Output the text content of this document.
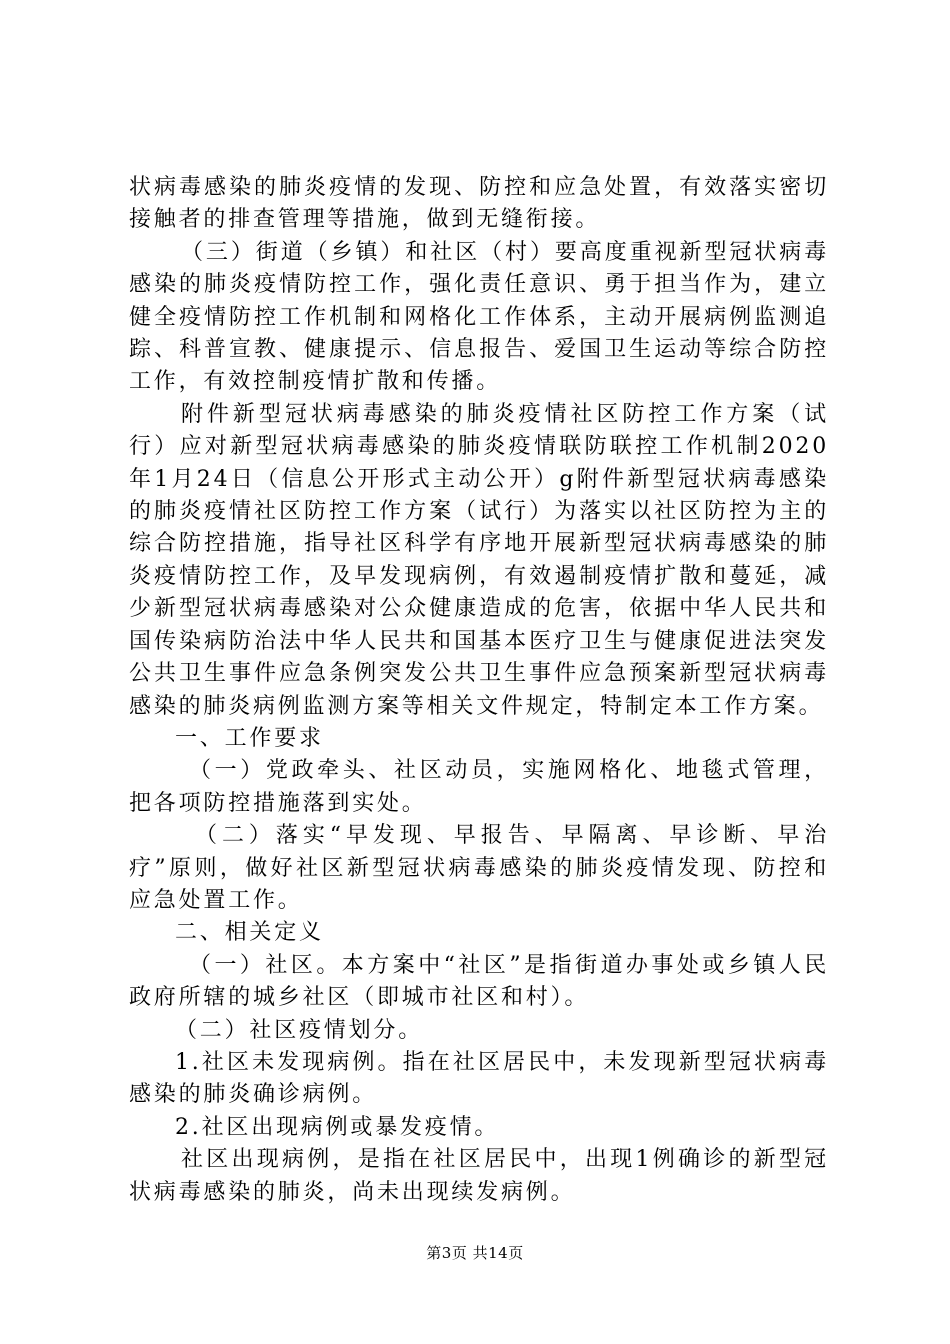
状病毒感染的肺炎疫情的发现、防控和应急处置，有效落实密切接触者的排查管理等措施，做到无缝衔接。

（三）街道（乡镇）和社区（村）要高度重视新型冠状病毒感染的肺炎疫情防控工作，强化责任意识、勇于担当作为，建立健全疫情防控工作机制和网格化工作体系，主动开展病例监测追踪、科普宣教、健康提示、信息报告、爱国卫生运动等综合防控工作，有效控制疫情扩散和传播。

附件新型冠状病毒感染的肺炎疫情社区防控工作方案（试行）应对新型冠状病毒感染的肺炎疫情联防联控工作机制2020年1月24日（信息公开形式主动公开）g附件新型冠状病毒感染的肺炎疫情社区防控工作方案（试行）为落实以社区防控为主的综合防控措施，指导社区科学有序地开展新型冠状病毒感染的肺炎疫情防控工作，及早发现病例，有效遏制疫情扩散和蔓延，减少新型冠状病毒感染对公众健康造成的危害，依据中华人民共和国传染病防治法中华人民共和国基本医疗卫生与健康促进法突发公共卫生事件应急条例突发公共卫生事件应急预案新型冠状病毒感染的肺炎病例监测方案等相关文件规定，特制定本工作方案。

一、工作要求

（一）党政牵头、社区动员，实施网格化、地毯式管理，把各项防控措施落到实处。

（二）落实“早发现、早报告、早隔离、早诊断、早治疗”原则，做好社区新型冠状病毒感染的肺炎疫情发现、防控和应急处置工作。

二、相关定义

（一）社区。本方案中“社区”是指街道办事处或乡镇人民政府所辖的城乡社区（即城市社区和村）。

（二）社区疫情划分。

1.社区未发现病例。指在社区居民中，未发现新型冠状病毒感染的肺炎确诊病例。

2.社区出现病例或暴发疫情。

社区出现病例，是指在社区居民中，出现1例确诊的新型冠状病毒感染的肺炎，尚未出现续发病例。

第3页 共14页
